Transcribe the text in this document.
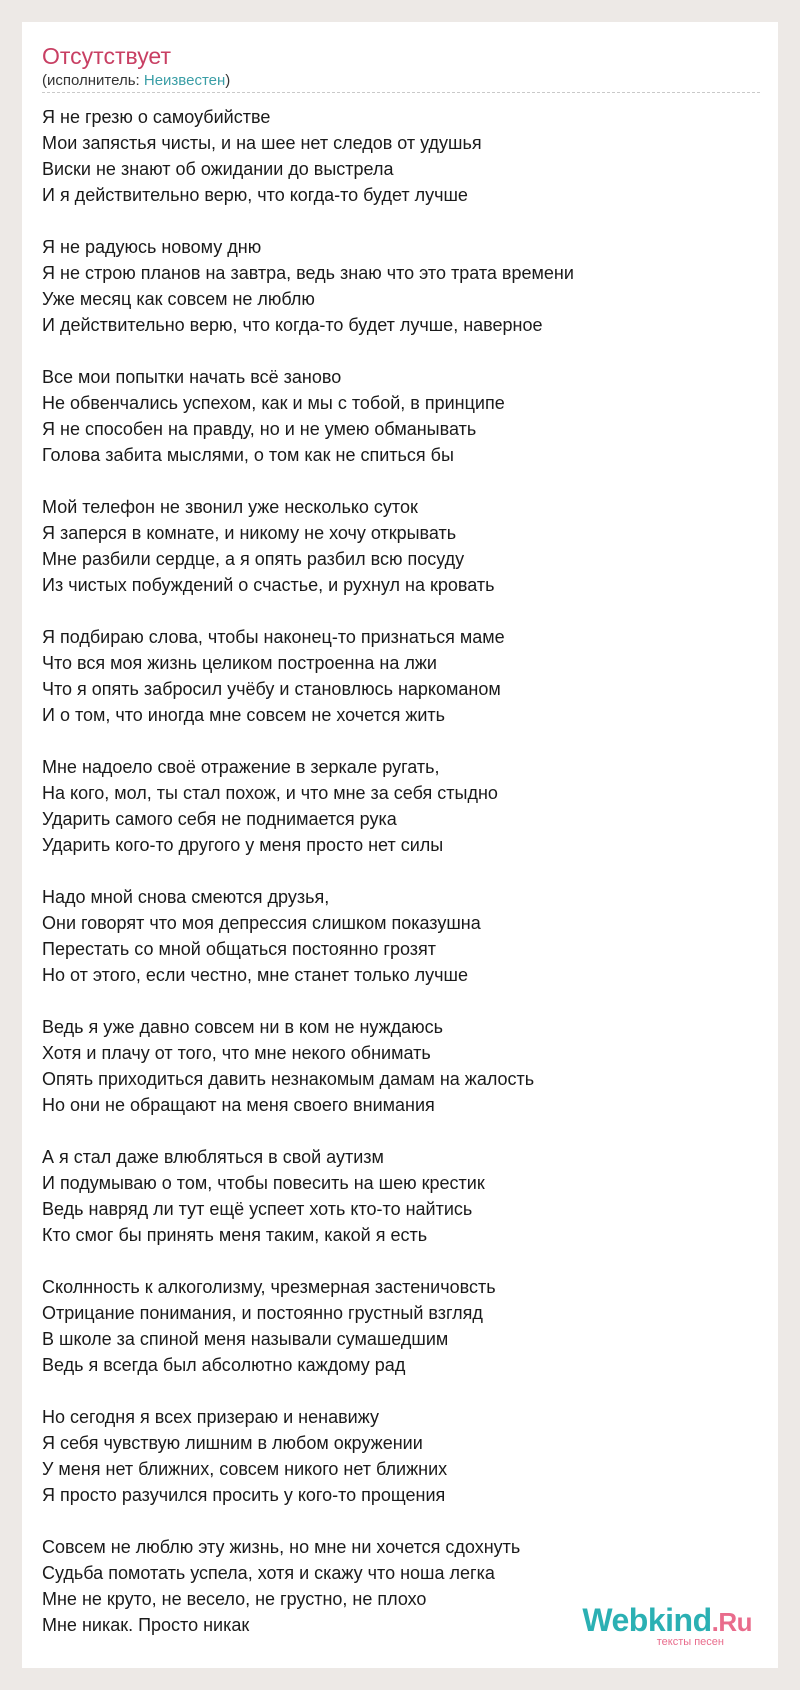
Отсутствует
(исполнитель: Неизвестен)
Я не грезю о самоубийстве
Мои запястья чисты, и на шее нет следов от удушья
Виски не знают об ожидании до выстрела
И я действительно верю, что когда-то будет лучше
Я не радуюсь новому дню
Я не строю планов на завтра, ведь знаю что это трата времени
Уже месяц как совсем не люблю
И действительно верю, что когда-то будет лучше, наверное
Все мои попытки начать всё заново
Не обвенчались успехом, как и мы с тобой, в принципе
Я не способен на правду, но и не умею обманывать
Голова забита мыслями, о том как не спиться бы
Мой телефон не звонил уже несколько суток
Я заперся в комнате, и никому не хочу открывать
Мне разбили сердце, а я опять разбил всю посуду
Из чистых побуждений о счастье, и рухнул на кровать
Я подбираю слова, чтобы наконец-то признаться маме
Что вся моя жизнь целиком построенна на лжи
Что я опять забросил учёбу и становлюсь наркоманом
И о том, что иногда мне совсем не хочется жить
Мне надоело своё отражение в зеркале ругать,
На кого, мол, ты стал похож, и что мне за себя стыдно
Ударить самого себя не поднимается рука
Ударить кого-то другого у меня просто нет силы
Надо мной снова смеются друзья,
Они говорят что моя депрессия слишком показушна
Перестать со мной общаться постоянно грозят
Но от этого, если честно, мне станет только лучше
Ведь я уже давно совсем ни в ком не нуждаюсь
Хотя и плачу от того, что мне некого обнимать
Опять приходиться давить незнакомым дамам на жалость
Но они не обращают на меня своего внимания
А я стал даже влюбляться в свой аутизм
И подумываю о том, чтобы повесить на шею крестик
Ведь навряд ли тут ещё успеет хоть кто-то найтись
Кто смог бы принять меня таким, какой я есть
Сколнность к алкоголизму, чрезмерная застеничовсть
Отрицание понимания, и постоянно грустный взгляд
В школе за спиной меня называли сумашедшим
Ведь я всегда был абсолютно каждому рад
Но сегодня я всех призераю и ненавижу
Я себя чувствую лишним в любом окружении
У меня нет ближних, совсем никого нет ближних
Я просто разучился просить у кого-то прощения
Совсем не люблю эту жизнь, но мне ни хочется сдохнуть
Судьба помотать успела, хотя и скажу что ноша легка
Мне не круто, не весело, не грустно, не плохо
Мне никак. Просто никак	Webkind.Ru
тексты песен
